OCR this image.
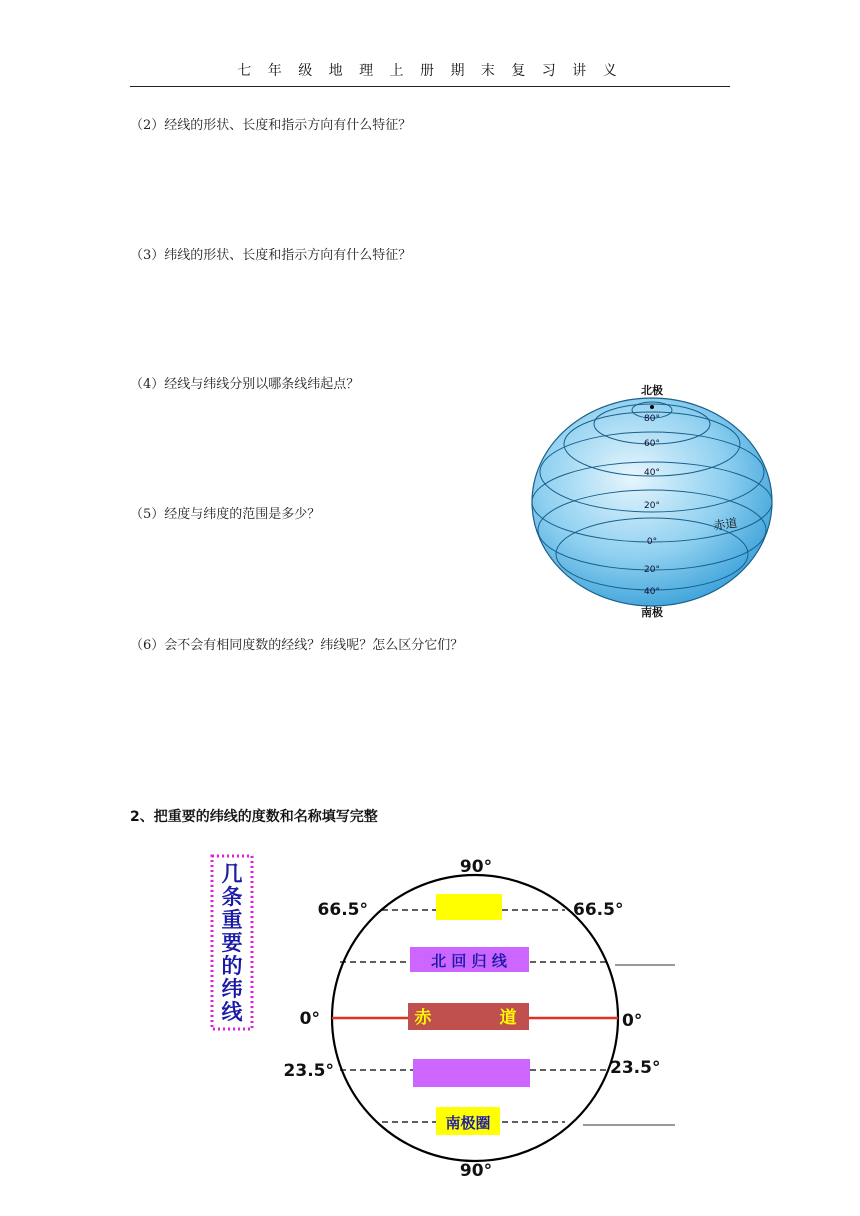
七 年 级 地 理 上 册 期 末 复 习 讲 义
（2）经线的形状、长度和指示方向有什么特征？
（3）纬线的形状、长度和指示方向有什么特征？
（4）经线与纬线分别以哪条线纬起点？
（5）经度与纬度的范围是多少？
（6）会不会有相同度数的经线？纬线呢？怎么区分它们？
北极
80°
60°
40°
20°
0°
20°
40°
赤道
南极
2、把重要的纬线的度数和名称填写完整
几
条
重
要
的
纬
线
北 回 归 线
赤	道
南极圈
90°
66.5°	66.5°
0°	0°
23.5°	23.5°
90°
